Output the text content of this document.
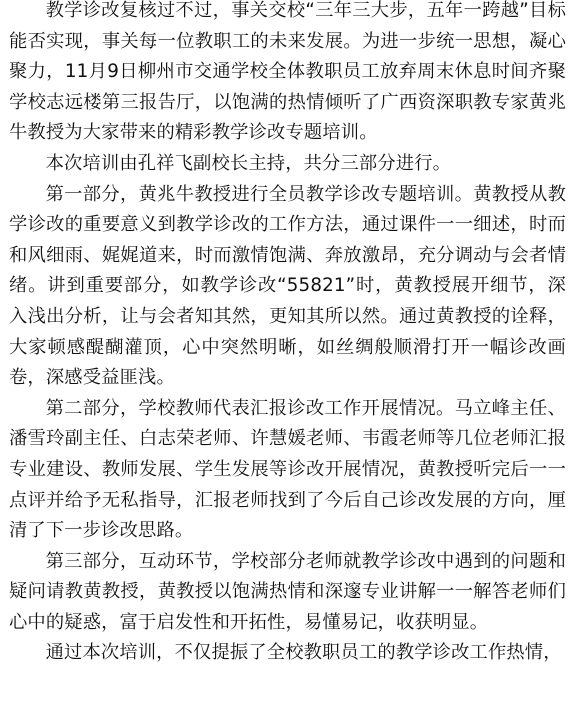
教学诊改复核过不过，事关交校“三年三大步，五年一跨越”目标能否实现，事关每一位教职工的未来发展。为进一步统一思想，凝心聚力，11月9日柳州市交通学校全体教职员工放弃周末休息时间齐聚学校志远楼第三报告厅，以饱满的热情倾听了广西资深职教专家黄兆牛教授为大家带来的精彩教学诊改专题培训。

本次培训由孔祥飞副校长主持，共分三部分进行。

第一部分，黄兆牛教授进行全员教学诊改专题培训。黄教授从教学诊改的重要意义到教学诊改的工作方法，通过课件一一细述，时而和风细雨、娓娓道来，时而激情饱满、奔放激昂，充分调动与会者情绪。讲到重要部分，如教学诊改“55821”时，黄教授展开细节，深入浅出分析，让与会者知其然，更知其所以然。通过黄教授的诠释，大家顿感醍醐灌顶，心中突然明晰，如丝绸般顺滑打开一幅诊改画卷，深感受益匪浅。

第二部分，学校教师代表汇报诊改工作开展情况。马立峰主任、潘雪玲副主任、白志荣老师、许慧媛老师、韦霞老师等几位老师汇报专业建设、教师发展、学生发展等诊改开展情况，黄教授听完后一一点评并给予无私指导，汇报老师找到了今后自己诊改发展的方向，厘清了下一步诊改思路。

第三部分，互动环节，学校部分老师就教学诊改中遇到的问题和疑问请教黄教授，黄教授以饱满热情和深邃专业讲解一一解答老师们心中的疑惑，富于启发性和开拓性，易懂易记，收获明显。

通过本次培训，不仅提振了全校教职员工的教学诊改工作热情，
